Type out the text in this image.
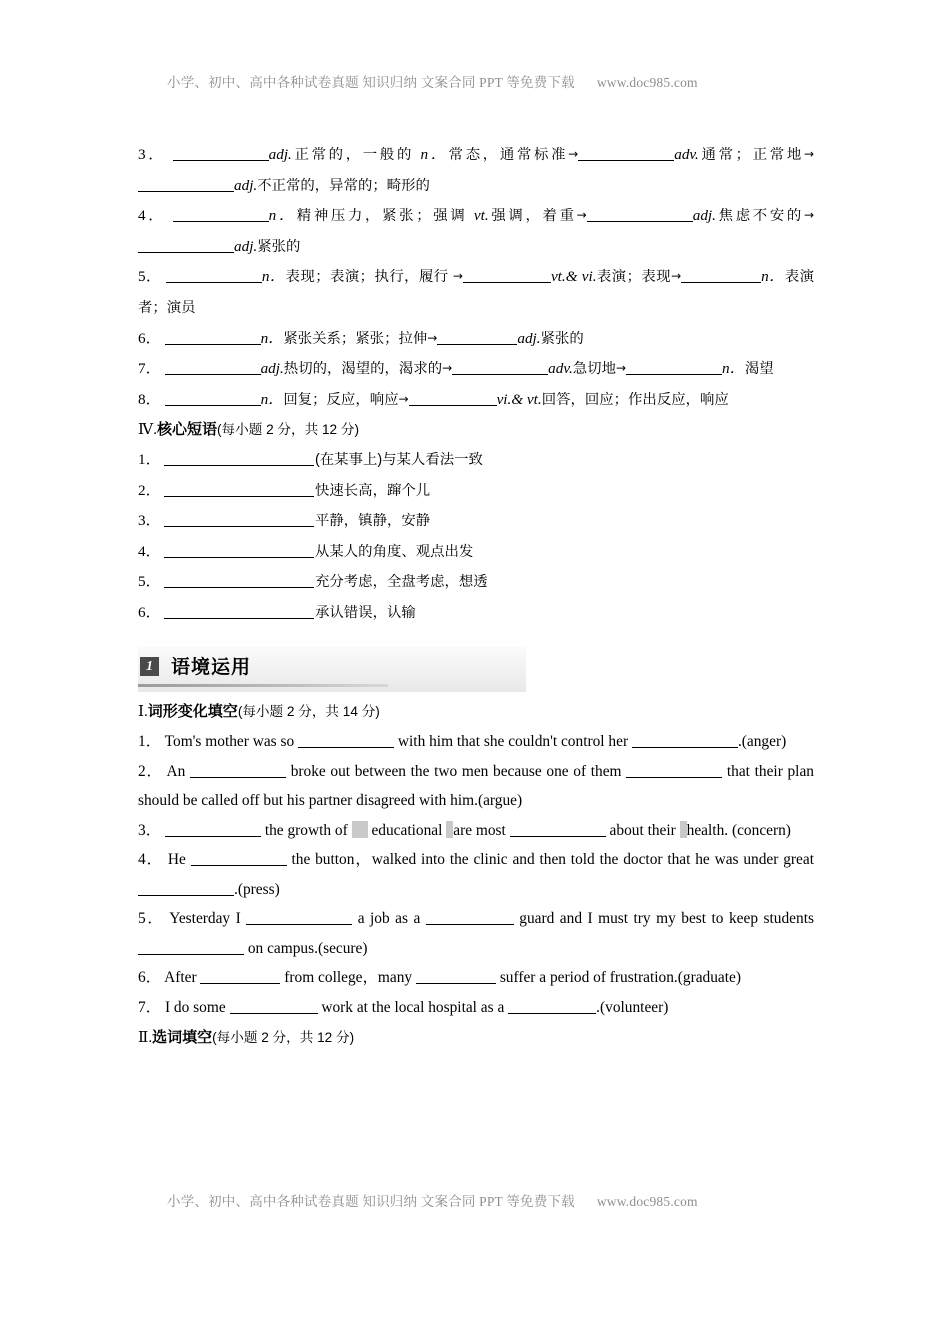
小学、初中、高中各种试卷真题 知识归纳 文案合同 PPT 等免费下载 www.doc985.com

3．	adj.正常的，一般的 n．常态，通常标准→	adv.通常；正常地→adj.不正常的，异常的；畸形的

4．	n．精神压力，紧张；强调 vt.强调，着重→	adj.焦虑不安的→adj.紧张的

5．	n．表现；表演；执行，履行 →	vt.& vi.表演；表现→	n．表演者；演员

6．	n．紧张关系；紧张；拉伸→	adj.紧张的

7．	adj.热切的，渴望的，渴求的→	adv.急切地→	n．渴望

8．	n．回复；反应，响应→	vi.& vt.回答，回应；作出反应，响应

Ⅳ.核心短语(每小题 2 分，共 12 分)

1．	(在某事上)与某人看法一致
2．	快速长高，蹿个儿
3．	平静，镇静，安静
4．	从某人的角度、观点出发
5．	充分考虑，全盘考虑，想透
6．	承认错误，认输
1 语境运用

Ⅰ.词形变化填空(每小题 2 分，共 14 分)

1． Tom's mother was so	with him that she couldn't control her	.(anger)

2． An	broke out between the two men because one of them	that their plan should be called off but his partner disagreed with him.(argue)

3．	the growth of educational are most	about their health. (concern)

4． He	the button，walked into the clinic and then told the doctor that he was under great .(press)

5． Yesterday I	a job as a	guard and I must try my best to keep students  on campus.(secure)

6． After	from college，many	suffer a period of frustration.(graduate)

7． I do some	work at the local hospital as a	.(volunteer)

Ⅱ.选词填空(每小题 2 分，共 12 分)

小学、初中、高中各种试卷真题 知识归纳 文案合同 PPT 等免费下载 www.doc985.com
